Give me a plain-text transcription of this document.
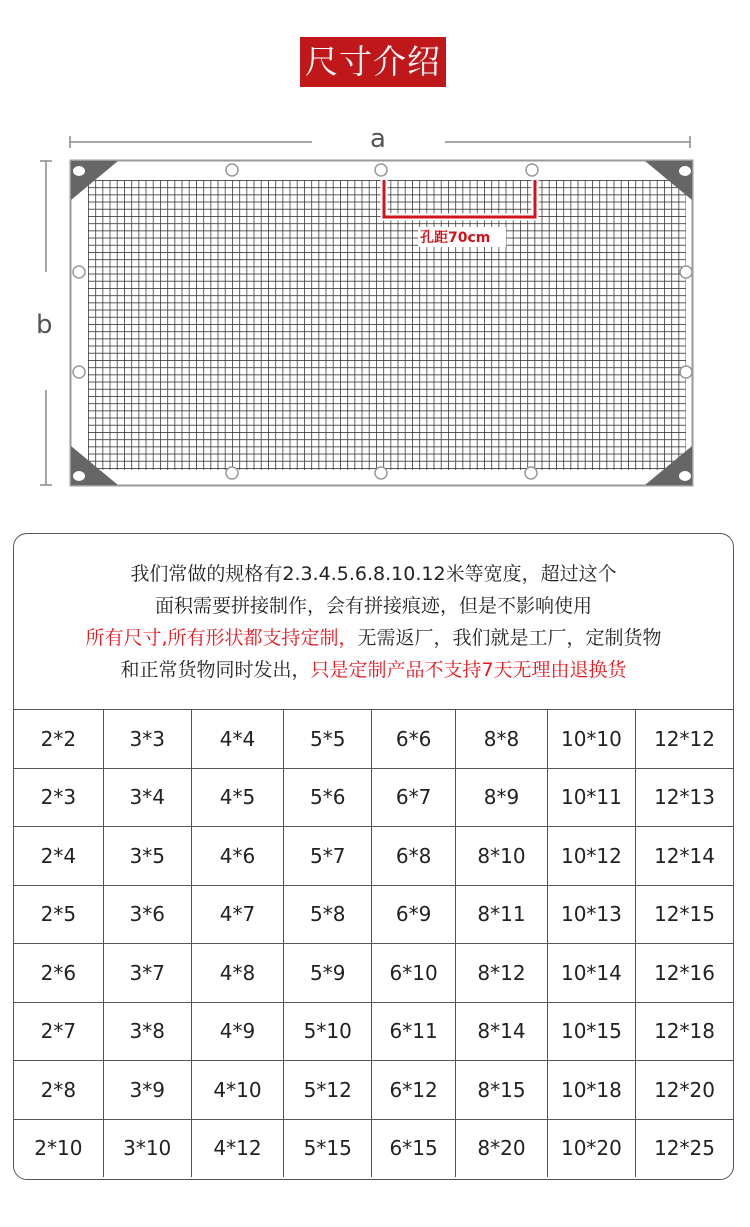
尺寸介绍
a
b
孔距70cm
我们常做的规格有2.3.4.5.6.8.10.12米等宽度，超过这个
面积需要拼接制作，会有拼接痕迹，但是不影响使用
所有尺寸,所有形状都支持定制，无需返厂，我们就是工厂，定制货物
和正常货物同时发出，只是定制产品不支持7天无理由退换货
2*2	3*3	4*4	5*5	6*6	8*8	10*10	12*12
2*3	3*4	4*5	5*6	6*7	8*9	10*11	12*13
2*4	3*5	4*6	5*7	6*8	8*10	10*12	12*14
2*5	3*6	4*7	5*8	6*9	8*11	10*13	12*15
2*6	3*7	4*8	5*9	6*10	8*12	10*14	12*16
2*7	3*8	4*9	5*10	6*11	8*14	10*15	12*18
2*8	3*9	4*10	5*12	6*12	8*15	10*18	12*20
2*10	3*10	4*12	5*15	6*15	8*20	10*20	12*25
